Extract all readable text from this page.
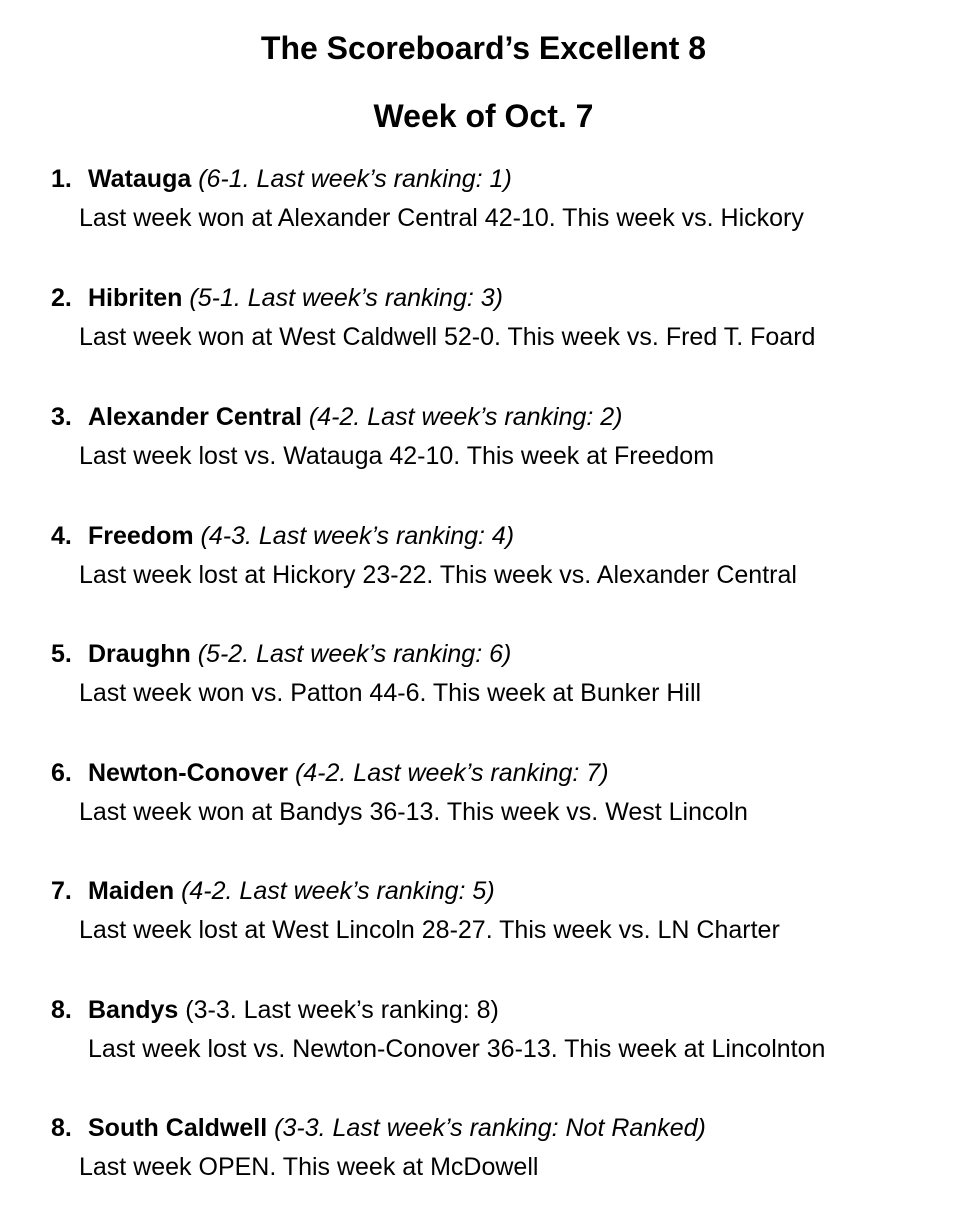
The Scoreboard’s Excellent 8
Week of Oct. 7
1. Watauga (6-1. Last week’s ranking: 1)
Last week won at Alexander Central 42-10. This week vs. Hickory
2. Hibriten (5-1. Last week’s ranking: 3)
Last week won at West Caldwell 52-0. This week vs. Fred T. Foard
3. Alexander Central (4-2. Last week’s ranking: 2)
Last week lost vs. Watauga 42-10. This week at Freedom
4. Freedom (4-3. Last week’s ranking: 4)
Last week lost at Hickory 23-22. This week vs. Alexander Central
5. Draughn (5-2. Last week’s ranking: 6)
Last week won vs. Patton 44-6. This week at Bunker Hill
6. Newton-Conover (4-2. Last week’s ranking: 7)
Last week won at Bandys 36-13. This week vs. West Lincoln
7. Maiden (4-2. Last week’s ranking: 5)
Last week lost at West Lincoln 28-27. This week vs. LN Charter
8. Bandys (3-3. Last week’s ranking: 8)
Last week lost vs. Newton-Conover 36-13. This week at Lincolnton
8. South Caldwell (3-3. Last week’s ranking: Not Ranked)
Last week OPEN. This week at McDowell
